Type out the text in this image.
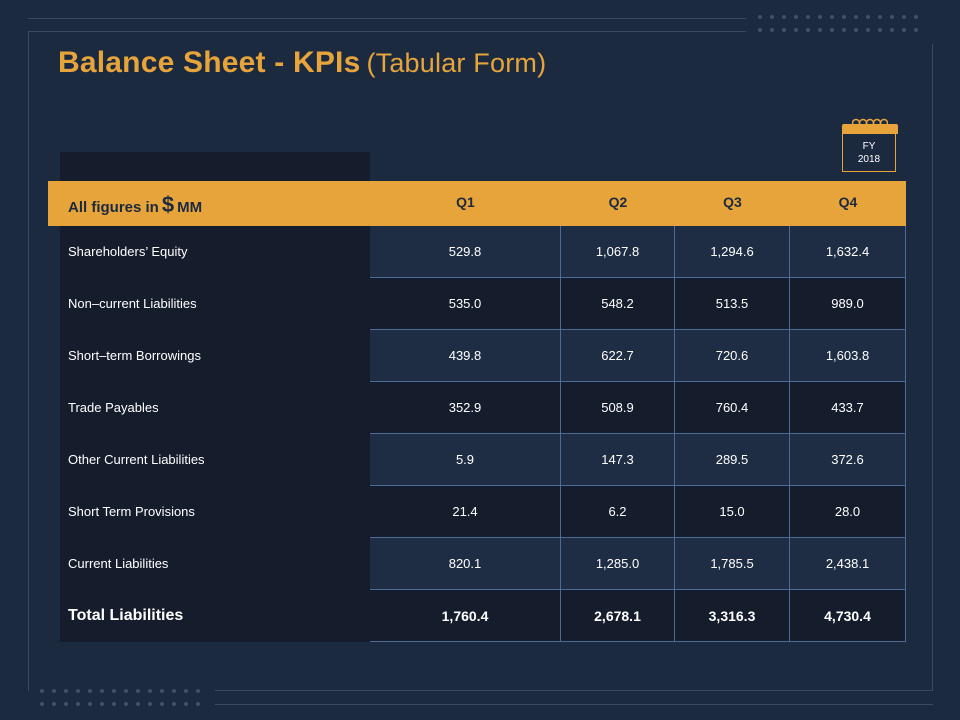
Balance Sheet - KPIs (Tabular Form)
FY
2018
All figures in $ MM	Q1	Q2	Q3	Q4
Shareholders’ Equity	529.8	1,067.8	1,294.6	1,632.4
Non–current Liabilities	535.0	548.2	513.5	989.0
Short–term Borrowings	439.8	622.7	720.6	1,603.8
Trade Payables	352.9	508.9	760.4	433.7
Other Current Liabilities	5.9	147.3	289.5	372.6
Short Term Provisions	21.4	6.2	15.0	28.0
Current Liabilities	820.1	1,285.0	1,785.5	2,438.1
Total Liabilities	1,760.4	2,678.1	3,316.3	4,730.4
